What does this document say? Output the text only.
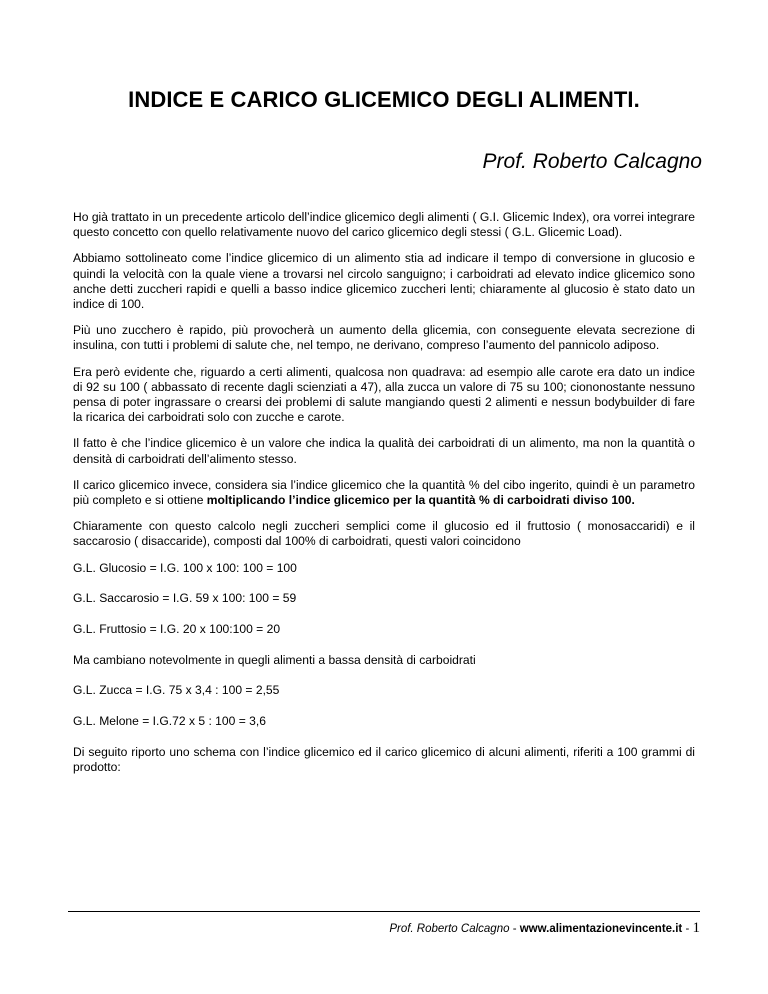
INDICE E CARICO GLICEMICO DEGLI ALIMENTI.
Prof. Roberto Calcagno

Ho già trattato in un precedente articolo dell’indice glicemico degli alimenti ( G.I. Glicemic Index), ora vorrei integrare questo concetto con quello relativamente nuovo del carico glicemico degli stessi ( G.L. Glicemic Load).

Abbiamo sottolineato come l’indice glicemico di un alimento stia ad indicare il tempo di conversione in glucosio e quindi la velocità con la quale viene a trovarsi nel circolo sanguigno; i carboidrati ad elevato indice glicemico sono anche detti zuccheri rapidi e quelli a basso indice glicemico zuccheri lenti; chiaramente al glucosio è stato dato un indice di 100.

Più uno zucchero è rapido, più provocherà un aumento della glicemia, con conseguente elevata secrezione di insulina, con tutti i problemi di salute che, nel tempo, ne derivano, compreso l’aumento del pannicolo adiposo.

Era però evidente che, riguardo a certi alimenti, qualcosa non quadrava: ad esempio alle carote era dato un indice di 92 su 100 ( abbassato di recente dagli scienziati a 47), alla zucca un valore di 75 su 100; ciononostante nessuno pensa di poter ingrassare o crearsi dei problemi di salute mangiando questi 2 alimenti e nessun bodybuilder di fare la ricarica dei carboidrati solo con zucche e carote.

Il fatto è che l’indice glicemico è un valore che indica la qualità dei carboidrati di un alimento, ma non la quantità o densità di carboidrati dell’alimento stesso.

Il carico glicemico invece, considera sia l’indice glicemico che la quantità % del cibo ingerito, quindi è un parametro più completo e si ottiene moltiplicando l’indice glicemico per la quantità % di carboidrati diviso 100.

Chiaramente con questo calcolo negli zuccheri semplici come il glucosio ed il fruttosio ( monosaccaridi) e il saccarosio ( disaccaride), composti dal 100% di carboidrati, questi valori coincidono

G.L. Glucosio = I.G. 100 x 100: 100 = 100

G.L. Saccarosio = I.G. 59 x 100: 100 = 59

G.L. Fruttosio = I.G. 20 x 100:100 = 20

Ma cambiano notevolmente in quegli alimenti a bassa densità di carboidrati

G.L. Zucca = I.G. 75 x 3,4 : 100 = 2,55

G.L. Melone = I.G.72 x 5 : 100 = 3,6

Di seguito riporto uno schema con l’indice glicemico ed il carico glicemico di alcuni alimenti, riferiti a 100 grammi di prodotto:

Prof. Roberto Calcagno - www.alimentazionevincente.it - 1
